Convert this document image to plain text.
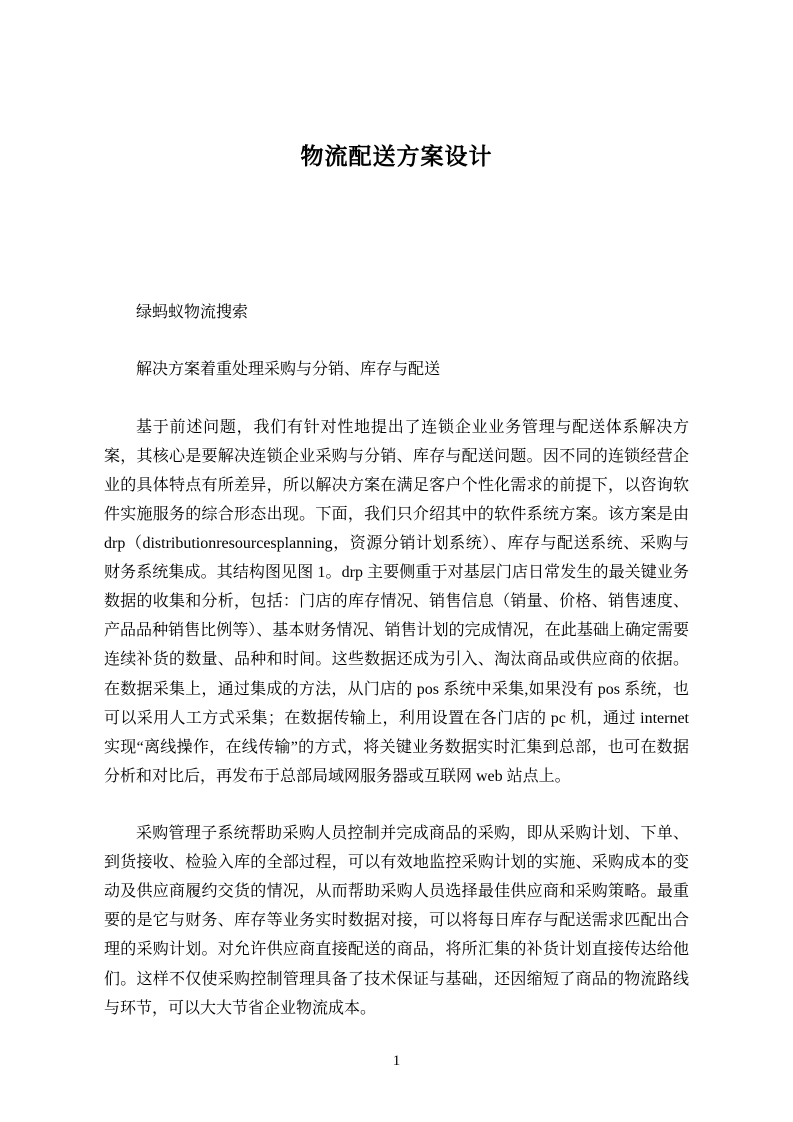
物流配送方案设计

绿蚂蚁物流搜索

解决方案着重处理采购与分销、库存与配送

基于前述问题，我们有针对性地提出了连锁企业业务管理与配送体系解决方案，其核心是要解决连锁企业采购与分销、库存与配送问题。因不同的连锁经营企业的具体特点有所差异，所以解决方案在满足客户个性化需求的前提下，以咨询软件实施服务的综合形态出现。下面，我们只介绍其中的软件系统方案。该方案是由 drp（distributionresourcesplanning，资源分销计划系统）、库存与配送系统、采购与财务系统集成。其结构图见图 1。drp 主要侧重于对基层门店日常发生的最关键业务数据的收集和分析，包括：门店的库存情况、销售信息（销量、价格、销售速度、产品品种销售比例等）、基本财务情况、销售计划的完成情况，在此基础上确定需要连续补货的数量、品种和时间。这些数据还成为引入、淘汰商品或供应商的依据。在数据采集上，通过集成的方法，从门店的 pos 系统中采集,如果没有 pos 系统，也可以采用人工方式采集；在数据传输上，利用设置在各门店的 pc 机，通过 internet 实现“离线操作，在线传输”的方式，将关键业务数据实时汇集到总部，也可在数据分析和对比后，再发布于总部局域网服务器或互联网 web 站点上。

采购管理子系统帮助采购人员控制并完成商品的采购，即从采购计划、下单、到货接收、检验入库的全部过程，可以有效地监控采购计划的实施、采购成本的变动及供应商履约交货的情况，从而帮助采购人员选择最佳供应商和采购策略。最重要的是它与财务、库存等业务实时数据对接，可以将每日库存与配送需求匹配出合理的采购计划。对允许供应商直接配送的商品，将所汇集的补货计划直接传达给他们。这样不仅使采购控制管理具备了技术保证与基础，还因缩短了商品的物流路线与环节，可以大大节省企业物流成本。

1
